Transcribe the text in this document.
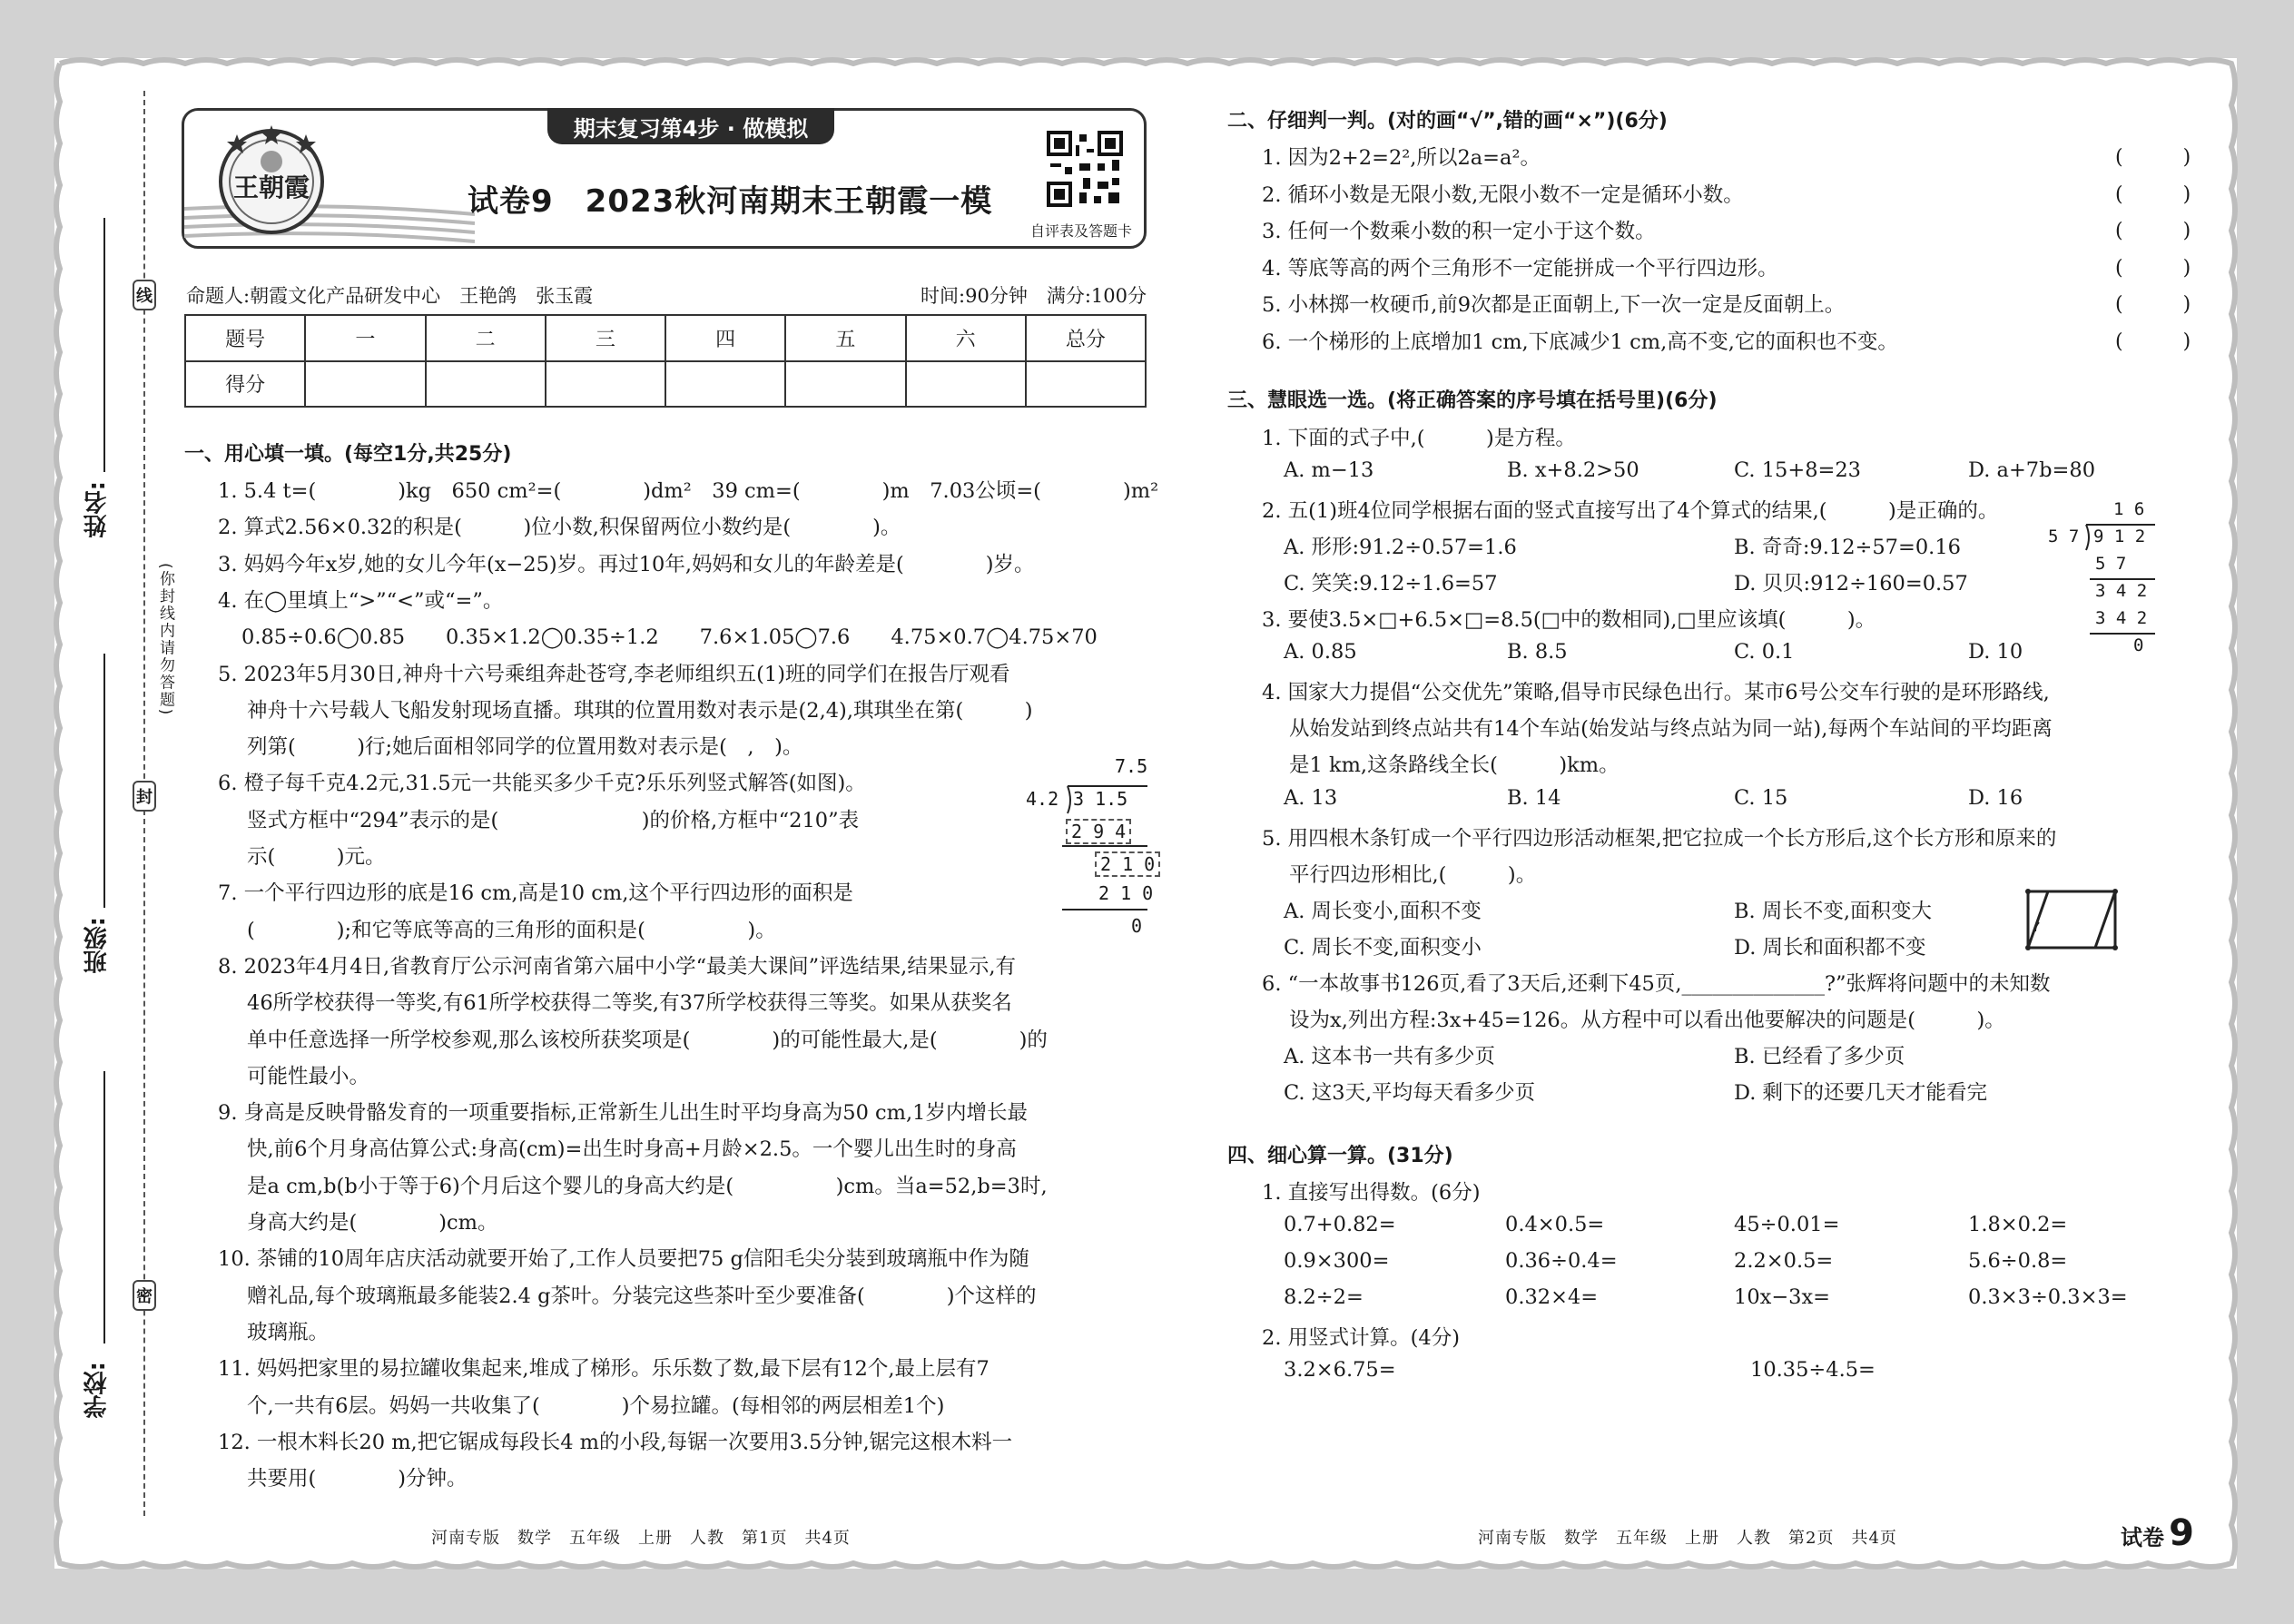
线
(你封线内请勿答题)
封
密
姓名:
班级:
学校:
王朝霞
期末复习第4步 · 做模拟
试卷9　2023秋河南期末王朝霞一模
自评表及答题卡
命题人:朝霞文化产品研发中心　王艳鸽　张玉霞	时间:90分钟　满分:100分
题号	一	二	三	四	五	六	总分
得分							
一、用心填一填。(每空1分,共25分)
1. 5.4 t=(　　　　)kg　650 cm²=(　　　　)dm²　39 cm=(　　　　)m　7.03公顷=(　　　　)m²
2. 算式2.56×0.32的积是(　　　)位小数,积保留两位小数约是(　　　　)。
3. 妈妈今年x岁,她的女儿今年(x−25)岁。再过10年,妈妈和女儿的年龄差是(　　　　)岁。
4. 在◯里填上“>”“<”或“=”。
0.85÷0.6◯0.85　　0.35×1.2◯0.35÷1.2　　7.6×1.05◯7.6　　4.75×0.7◯4.75×70
5. 2023年5月30日,神舟十六号乘组奔赴苍穹,李老师组织五(1)班的同学们在报告厅观看
神舟十六号载人飞船发射现场直播。琪琪的位置用数对表示是(2,4),琪琪坐在第(　　　)
列第(　　　)行;她后面相邻同学的位置用数对表示是(　,　)。
6. 橙子每千克4.2元,31.5元一共能买多少千克?乐乐列竖式解答(如图)。
竖式方框中“294”表示的是(　　　　　　　)的价格,方框中“210”表
示(　　　)元。
7. 一个平行四边形的底是16 cm,高是10 cm,这个平行四边形的面积是
(　　　　);和它等底等高的三角形的面积是(　　　　　)。
8. 2023年4月4日,省教育厅公示河南省第六届中小学“最美大课间”评选结果,结果显示,有
46所学校获得一等奖,有61所学校获得二等奖,有37所学校获得三等奖。如果从获奖名
单中任意选择一所学校参观,那么该校所获奖项是(　　　　)的可能性最大,是(　　　　)的
可能性最小。
9. 身高是反映骨骼发育的一项重要指标,正常新生儿出生时平均身高为50 cm,1岁内增长最
快,前6个月身高估算公式:身高(cm)=出生时身高+月龄×2.5。一个婴儿出生时的身高
是a cm,b(b小于等于6)个月后这个婴儿的身高大约是(　　　　　)cm。当a=52,b=3时,
身高大约是(　　　　)cm。
10. 茶铺的10周年店庆活动就要开始了,工作人员要把75 g信阳毛尖分装到玻璃瓶中作为随
赠礼品,每个玻璃瓶最多能装2.4 g茶叶。分装完这些茶叶至少要准备(　　　　)个这样的
玻璃瓶。
11. 妈妈把家里的易拉罐收集起来,堆成了梯形。乐乐数了数,最下层有12个,最上层有7
个,一共有6层。妈妈一共收集了(　　　　)个易拉罐。(每相邻的两层相差1个)
12. 一根木料长20 m,把它锯成每段长4 m的小段,每锯一次要用3.5分钟,锯完这根木料一
共要用(　　　　)分钟。
7.5
4.2 3 1.5
2 9 4
2 1 0
2 1 0
0
河南专版　数学　五年级　上册　人教　第1页　共4页
二、仔细判一判。(对的画“√”,错的画“×”)(6分)
三、慧眼选一选。(将正确答案的序号填在括号里)(6分)
四、细心算一算。(31分)
1. 因为2+2=2²,所以2a=a²。	(　　　)
2. 循环小数是无限小数,无限小数不一定是循环小数。	(　　　)
3. 任何一个数乘小数的积一定小于这个数。	(　　　)
4. 等底等高的两个三角形不一定能拼成一个平行四边形。	(　　　)
5. 小林掷一枚硬币,前9次都是正面朝上,下一次一定是反面朝上。	(　　　)
6. 一个梯形的上底增加1 cm,下底减少1 cm,高不变,它的面积也不变。	(　　　)
1. 下面的式子中,(　　　)是方程。
A. m−13	B. x+8.2>50	C. 15+8=23	D. a+7b=80
2. 五(1)班4位同学根据右面的竖式直接写出了4个算式的结果,(　　　)是正确的。
A. 形形:91.2÷0.57=1.6	B. 奇奇:9.12÷57=0.16
C. 笑笑:9.12÷1.6=57	D. 贝贝:912÷160=0.57
3. 要使3.5×□+6.5×□=8.5(□中的数相同),□里应该填(　　　)。
A. 0.85	B. 8.5	C. 0.1	D. 10
4. 国家大力提倡“公交优先”策略,倡导市民绿色出行。某市6号公交车行驶的是环形路线,
从始发站到终点站共有14个车站(始发站与终点站为同一站),每两个车站间的平均距离
是1 km,这条路线全长(　　　)km。
A. 13	B. 14	C. 15	D. 16
5. 用四根木条钉成一个平行四边形活动框架,把它拉成一个长方形后,这个长方形和原来的
平行四边形相比,(　　　)。
A. 周长变小,面积不变	B. 周长不变,面积变大
C. 周长不变,面积变小	D. 周长和面积都不变
6. “一本故事书126页,看了3天后,还剩下45页,______________?”张辉将问题中的未知数
设为x,列出方程:3x+45=126。从方程中可以看出他要解决的问题是(　　　)。
A. 这本书一共有多少页	B. 已经看了多少页
C. 这3天,平均每天看多少页	D. 剩下的还要几天才能看完
1. 直接写出得数。(6分)
0.7+0.82=	0.4×0.5=	45÷0.01=	1.8×0.2=
0.9×300=	0.36÷0.4=	2.2×0.5=	5.6÷0.8=
8.2÷2=	0.32×4=	10x−3x=	0.3×3÷0.3×3=
2. 用竖式计算。(4分)
3.2×6.75=	10.35÷4.5=
1 6
5 7 9 1 2
5 7
3 4 2
3 4 2
0
河南专版　数学　五年级　上册　人教　第2页　共4页	试卷 9
